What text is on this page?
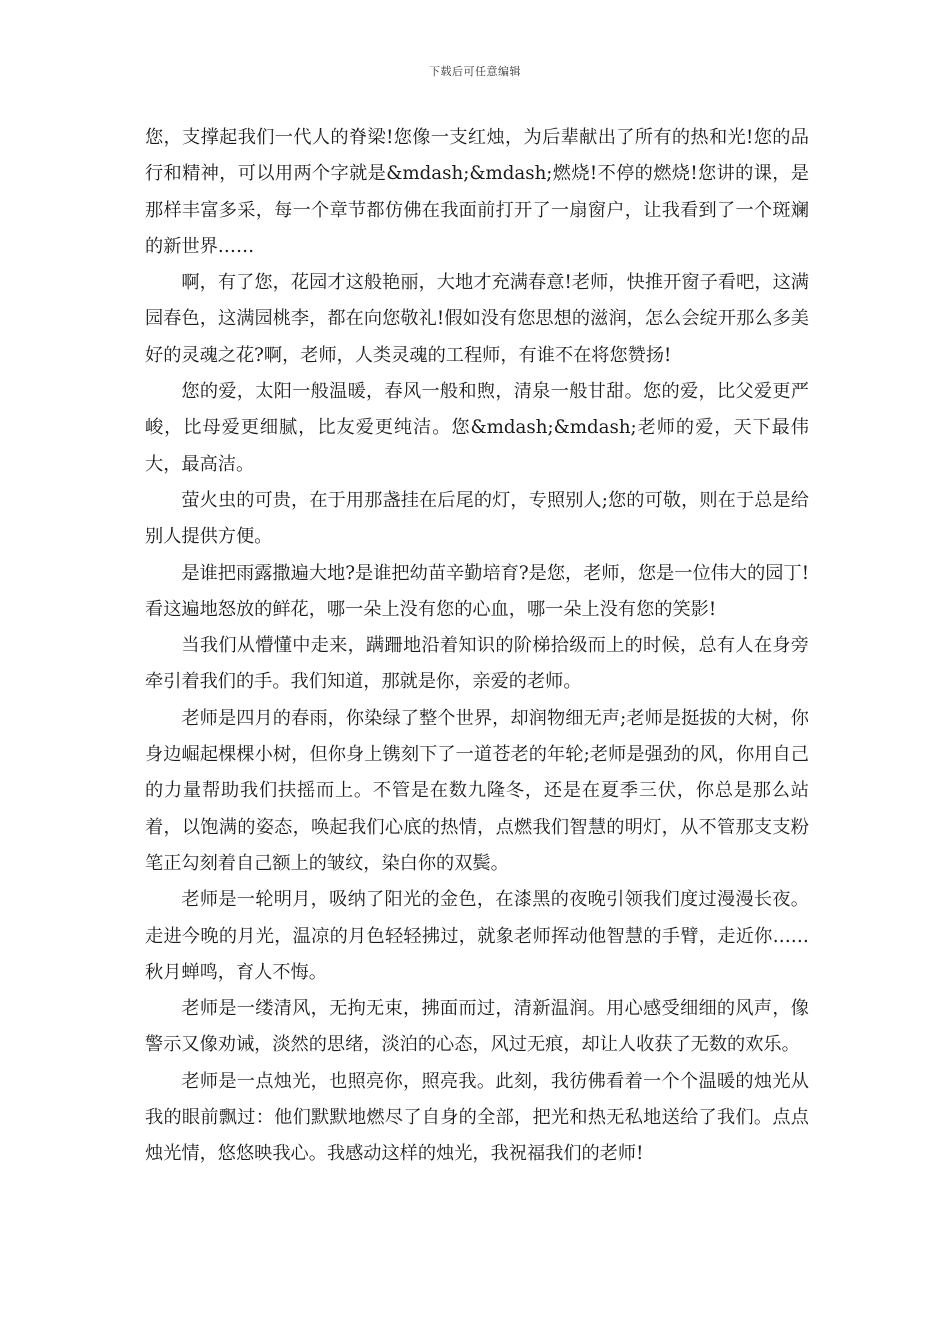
下载后可任意编辑

您，支撑起我们一代人的脊梁!您像一支红烛，为后辈献出了所有的热和光!您的品行和精神，可以用两个字就是&mdash;&mdash;燃烧!不停的燃烧!您讲的课，是那样丰富多采，每一个章节都仿佛在我面前打开了一扇窗户，让我看到了一个斑斓的新世界……

啊，有了您，花园才这般艳丽，大地才充满春意!老师，快推开窗子看吧，这满园春色，这满园桃李，都在向您敬礼!假如没有您思想的滋润，怎么会绽开那么多美好的灵魂之花?啊，老师，人类灵魂的工程师，有谁不在将您赞扬!

您的爱，太阳一般温暖，春风一般和煦，清泉一般甘甜。您的爱，比父爱更严峻，比母爱更细腻，比友爱更纯洁。您&mdash;&mdash;老师的爱，天下最伟大，最高洁。

萤火虫的可贵，在于用那盏挂在后尾的灯，专照别人;您的可敬，则在于总是给别人提供方便。

是谁把雨露撒遍大地?是谁把幼苗辛勤培育?是您，老师，您是一位伟大的园丁!看这遍地怒放的鲜花，哪一朵上没有您的心血，哪一朵上没有您的笑影!

当我们从懵懂中走来，蹒跚地沿着知识的阶梯拾级而上的时候，总有人在身旁牵引着我们的手。我们知道，那就是你，亲爱的老师。

老师是四月的春雨，你染绿了整个世界，却润物细无声;老师是挺拔的大树，你身边崛起棵棵小树，但你身上镌刻下了一道苍老的年轮;老师是强劲的风，你用自己的力量帮助我们扶摇而上。不管是在数九隆冬，还是在夏季三伏，你总是那么站着，以饱满的姿态，唤起我们心底的热情，点燃我们智慧的明灯，从不管那支支粉笔正勾刻着自己额上的皱纹，染白你的双鬓。

老师是一轮明月，吸纳了阳光的金色，在漆黑的夜晚引领我们度过漫漫长夜。走进今晚的月光，温凉的月色轻轻拂过，就象老师挥动他智慧的手臂，走近你……秋月蝉鸣，育人不悔。

老师是一缕清风，无拘无束，拂面而过，清新温润。用心感受细细的风声，像警示又像劝诫，淡然的思绪，淡泊的心态，风过无痕，却让人收获了无数的欢乐。

老师是一点烛光，也照亮你，照亮我。此刻，我彷佛看着一个个温暖的烛光从我的眼前飘过：他们默默地燃尽了自身的全部，把光和热无私地送给了我们。点点烛光情，悠悠映我心。我感动这样的烛光，我祝福我们的老师!
